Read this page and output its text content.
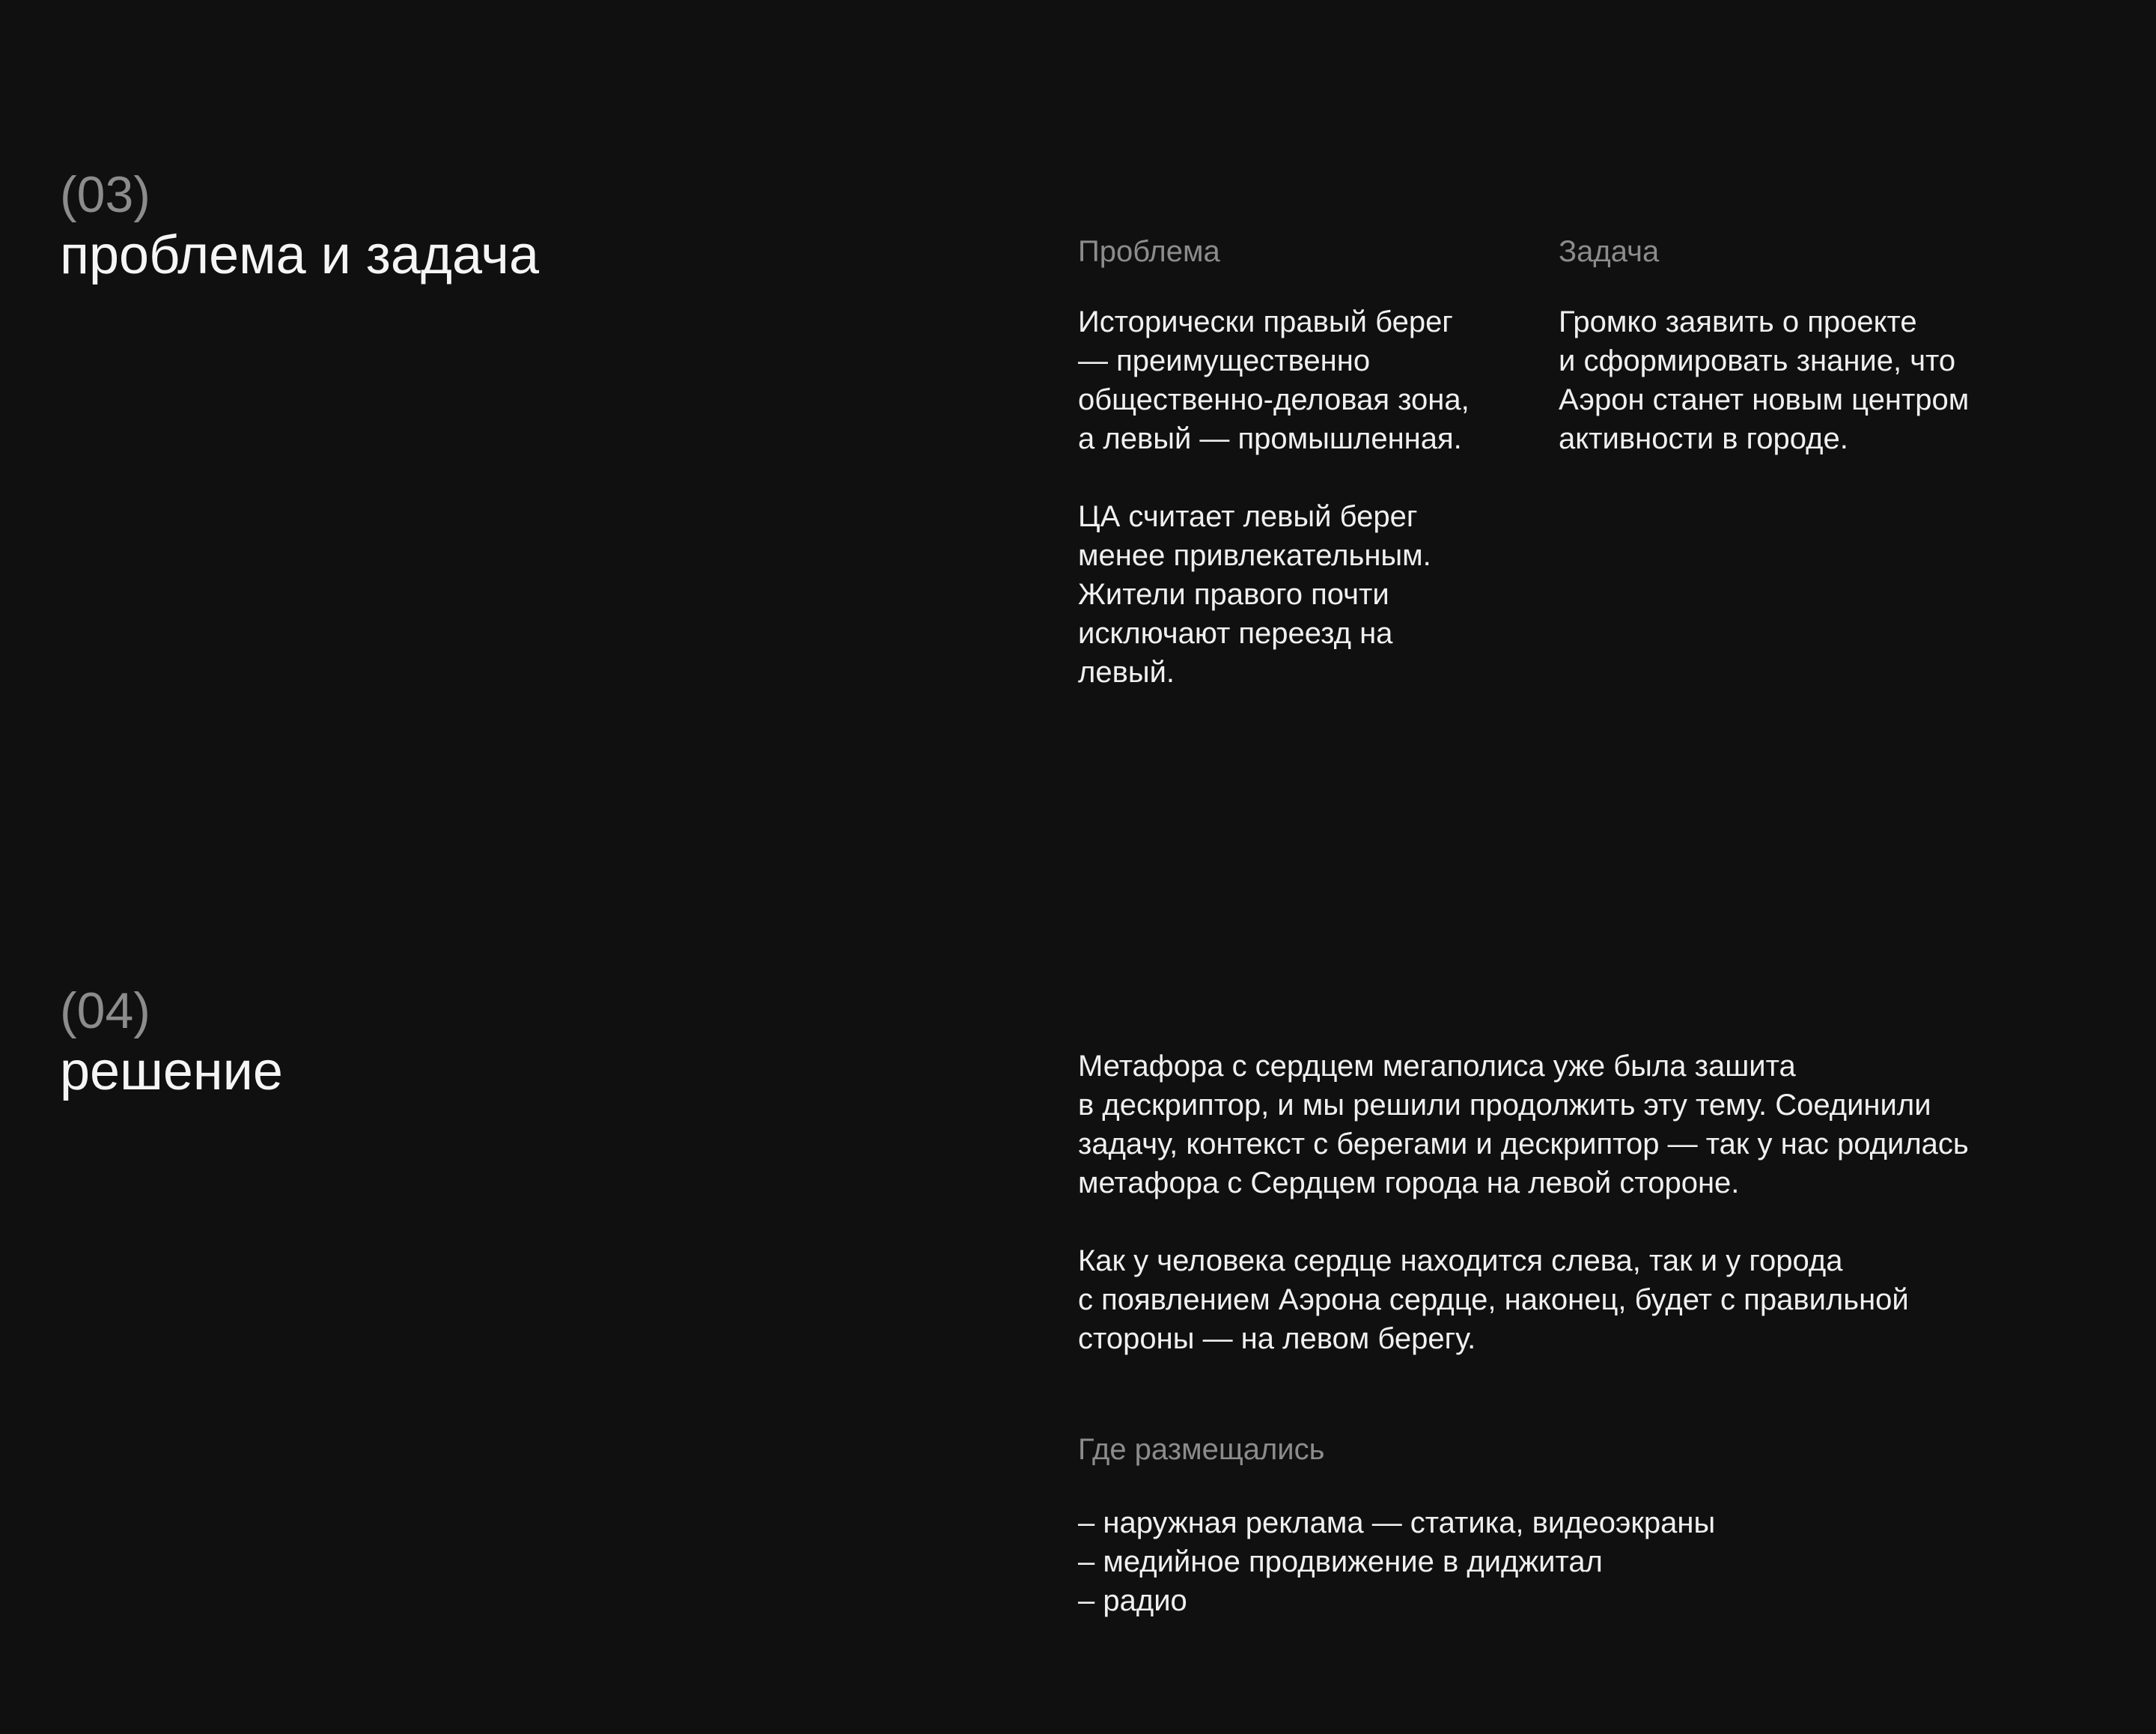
(03)
проблема и задача	Проблема

Исторически правый берег
— преимущественно
общественно-деловая зона,
а левый — промышленная.

ЦА считает левый берег
менее привлекательным.
Жители правого почти
исключают переезд на
левый.

Задача

Громко заявить о проекте
и сформировать знание, что
Аэрон станет новым центром
активности в городе.

(04)
решение	Метафора с сердцем мегаполиса уже была зашита
в дескриптор, и мы решили продолжить эту тему. Соединили
задачу, контекст с берегами и дескриптор — так у нас родилась
метафора с Сердцем города на левой стороне.

Как у человека сердце находится слева, так и у города
с появлением Аэрона сердце, наконец, будет с правильной
стороны — на левом берегу.

Где размещались

– наружная реклама — статика, видеоэкраны
– медийное продвижение в диджитал
– радио
